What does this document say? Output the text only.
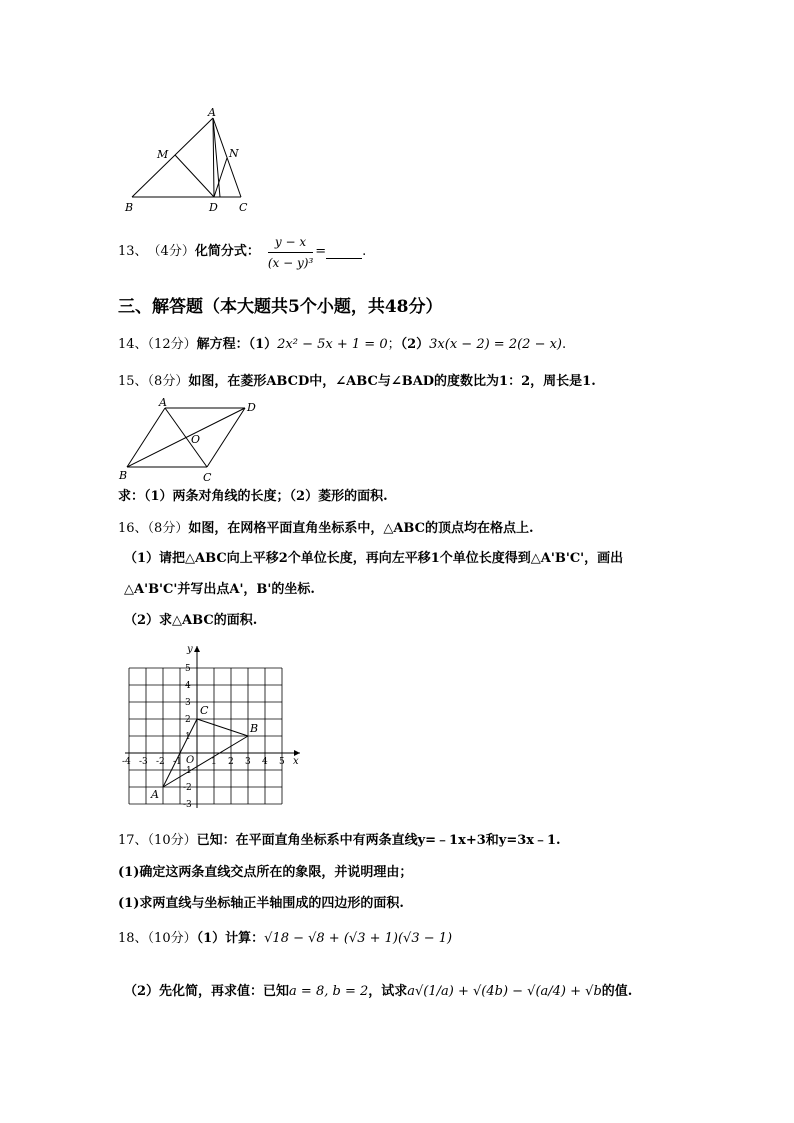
A
M	N
B	D C
13、 （4分） 化简分式： $\frac{y - x}{\text{(x − y)³}}$ =	.
三、解答题（本大题共5个小题，共48分）
14、（12分）解方程：（1）2x² − 5x + 1 = 0；（2）3x(x − 2) = 2(2 − x).
15、（8分）如图，在菱形ABCD中，∠ABC与∠BAD的度数比为1：2，周长是1.
A	D
O
B	C
求：（1）两条对角线的长度；（2）菱形的面积.
16、（8分）如图，在网格平面直角坐标系中，△ABC的顶点均在格点上.
（1）请把△ABC向上平移2个单位长度，再向左平移1个单位长度得到△A'B'C'，画出
△A'B'C'并写出点A'，B'的坐标.
（2）求△ABC的面积.
x
y
O
-4 -3 -2 -1	1 2 3 4 5
5
4
3
2
1
-1
-2
-3
A
B
C
17、（10分）已知：在平面直角坐标系中有两条直线y=﹣1x+3和y=3x﹣1.
(1)确定这两条直线交点所在的象限，并说明理由；
(1)求两直线与坐标轴正半轴围成的四边形的面积.
18、（10分）（1）计算：√18 − √8 + (√3 + 1)(√3 − 1)
（2）先化简，再求值：已知a = 8, b = 2，试求a√(1/a) + √(4b) − √(a/4) + √b的值.
